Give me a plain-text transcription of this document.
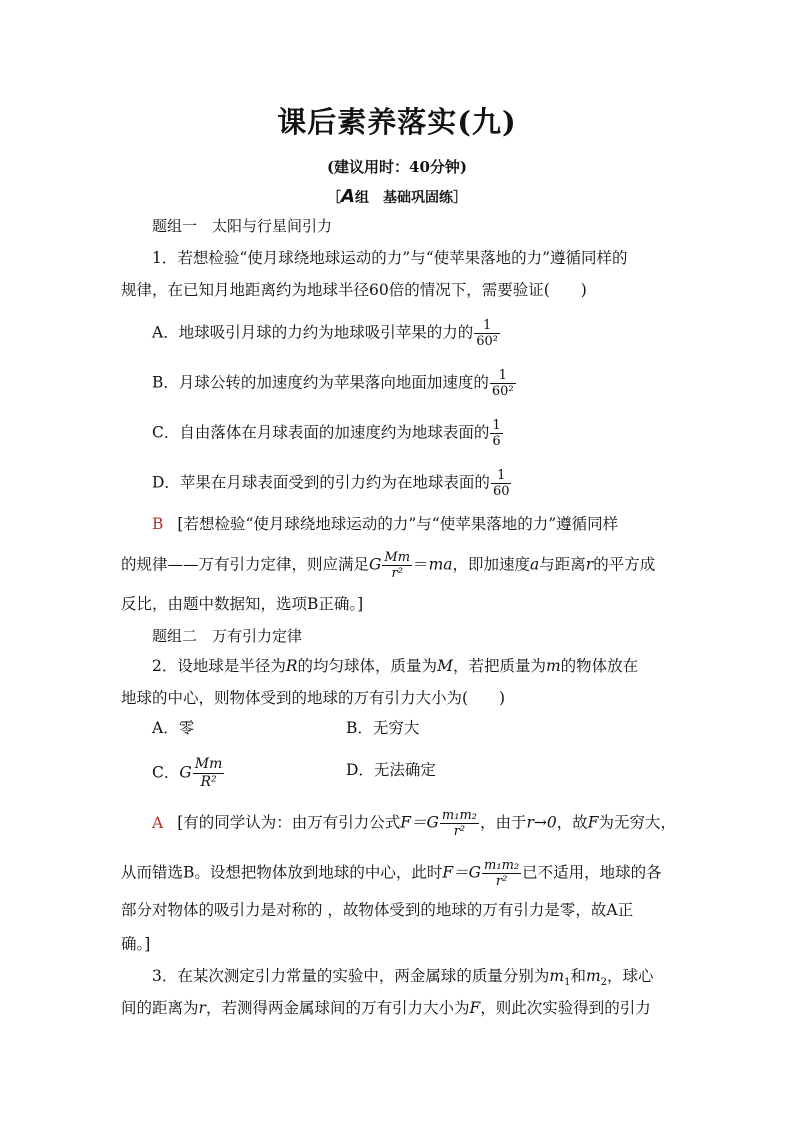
课后素养落实(九)
(建议用时：40分钟)
［A组　基础巩固练］
题组一　太阳与行星间引力
1．若想检验“使月球绕地球运动的力”与“使苹果落地的力”遵循同样的
规律，在已知月地距离约为地球半径60倍的情况下，需要验证(　　)
A．地球吸引月球的力约为地球吸引苹果的力的 $\frac{1}{\text{60²}}$
B．月球公转的加速度约为苹果落向地面加速度的 $\frac{1}{\text{60²}}$
C．自由落体在月球表面的加速度约为地球表面的 $\frac{1}{6}$
D．苹果在月球表面受到的引力约为在地球表面的 $\frac{1}{60}$
B [若想检验“使月球绕地球运动的力”与“使苹果落地的力”遵循同样
的规律——万有引力定律，则应满足G $\frac{Mm}{\text{r²}} =ma$，即加速度a与距离r的平方成
反比，由题中数据知，选项B正确。]
题组二　万有引力定律
2．设地球是半径为R的均匀球体，质量为M，若把质量为m的物体放在
地球的中心，则物体受到的地球的万有引力大小为(　　)
A．零	B．无穷大
C．G $\frac{Mm}{\text{R²}}$	D．无法确定
A [有的同学认为：由万有引力公式$F=G \frac{\text{m₁m₂}}{\text{r²}}$ ，由于r→0，故F为无穷大，
从而错选B。设想把物体放到地球的中心，此时$F=G \frac{\text{m₁m₂}}{\text{r²}}$ 已不适用，地球的各
部分对物体的吸引力是对称的 ，故物体受到的地球的万有引力是零，故A正
确。]
3．在某次测定引力常量的实验中，两金属球的质量分别为$m_1$和$m_2$，球心
间的距离为r，若测得两金属球间的万有引力大小为F，则此次实验得到的引力
